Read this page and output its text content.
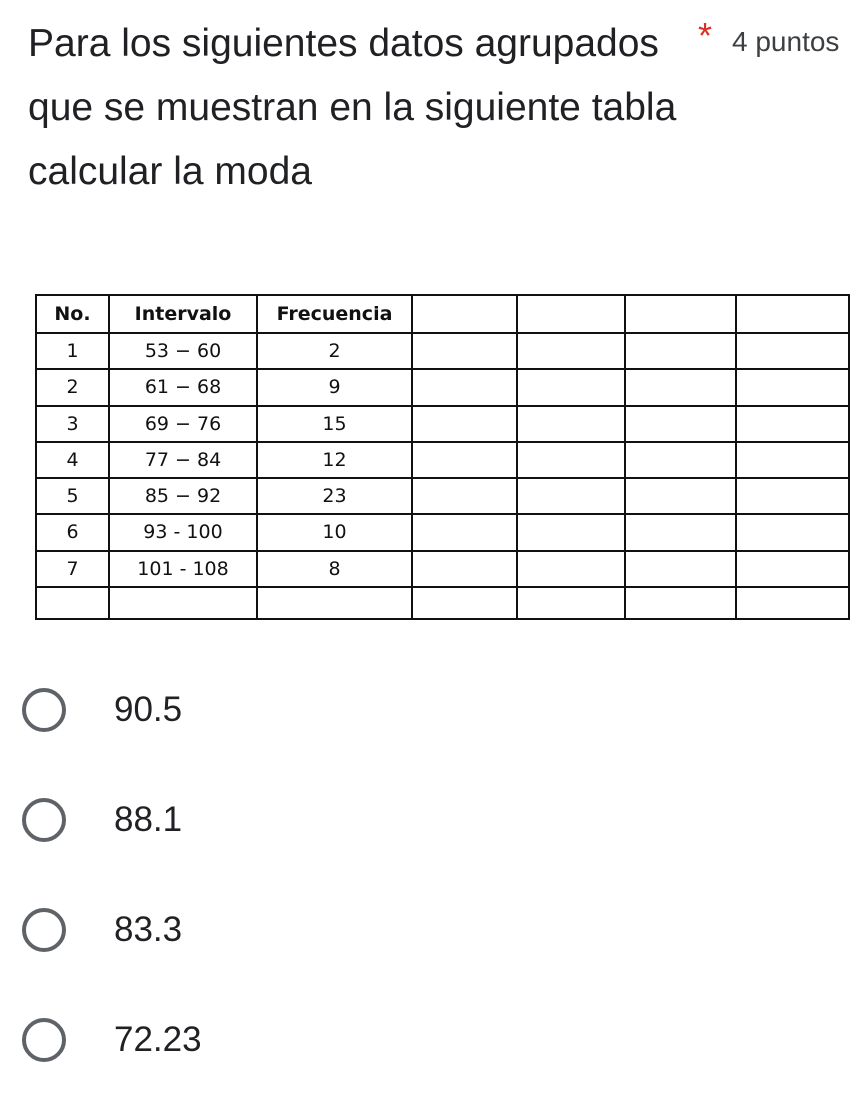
Para los siguientes datos agrupados que se muestran en la siguiente tabla calcular la moda
* 4 puntos
No.	Intervalo	Frecuencia				
1	53 − 60	2				
2	61 − 68	9				
3	69 − 76	15				
4	77 − 84	12				
5	85 − 92	23				
6	93 - 100	10				
7	101 - 108	8				

90.5
88.1
83.3
72.23
